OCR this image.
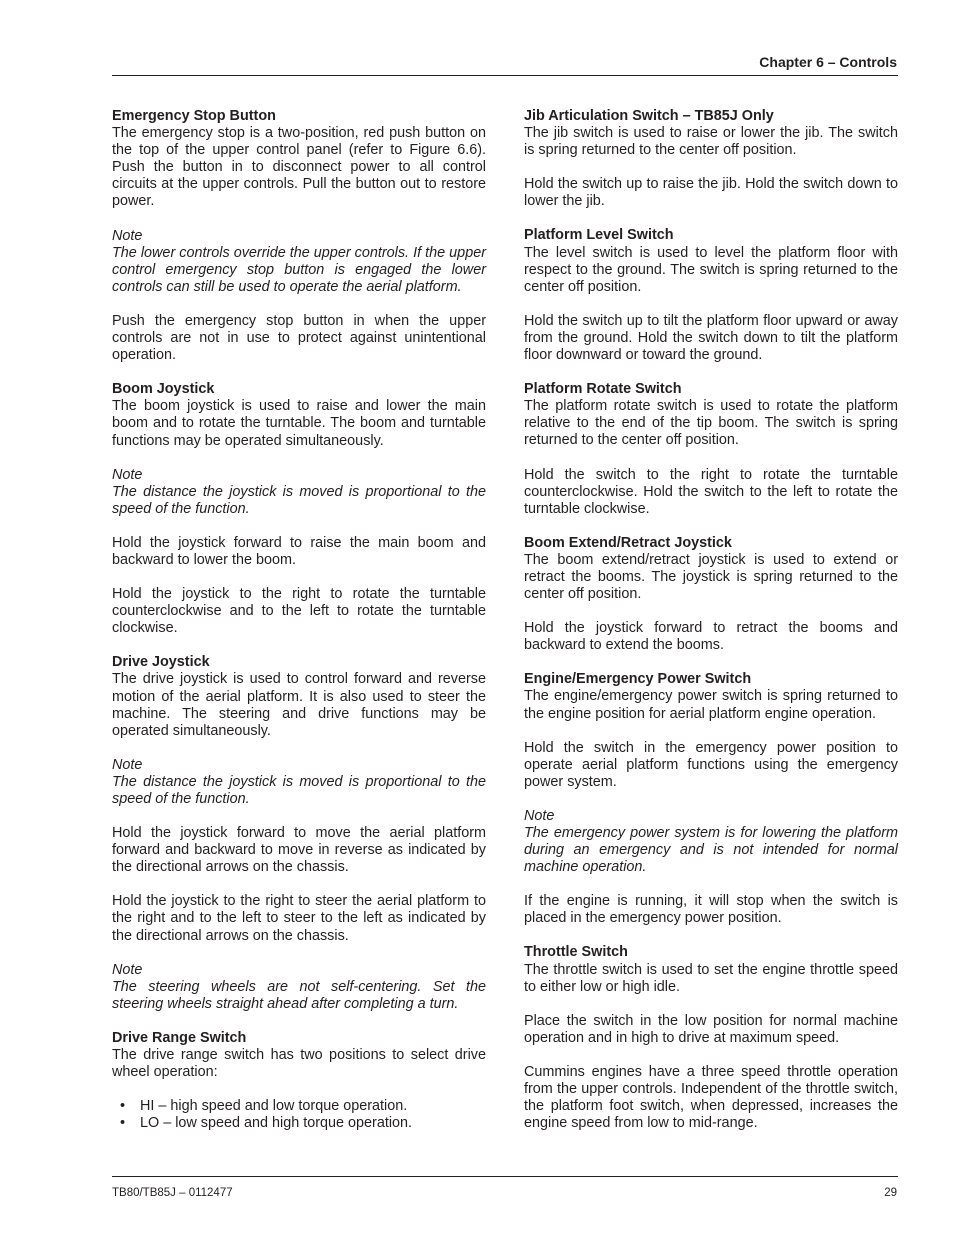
Chapter 6 – Controls
Emergency Stop Button
The emergency stop is a two-position, red push button on the top of the upper control panel (refer to Figure 6.6). Push the button in to disconnect power to all control circuits at the upper controls. Pull the button out to restore power.
Note
The lower controls override the upper controls. If the upper control emergency stop button is engaged the lower controls can still be used to operate the aerial platform.
Push the emergency stop button in when the upper controls are not in use to protect against unintentional operation.
Boom Joystick
The boom joystick is used to raise and lower the main boom and to rotate the turntable. The boom and turntable functions may be operated simultaneously.
Note
The distance the joystick is moved is proportional to the speed of the function.
Hold the joystick forward to raise the main boom and backward to lower the boom.
Hold the joystick to the right to rotate the turntable counterclockwise and to the left to rotate the turntable clockwise.
Drive Joystick
The drive joystick is used to control forward and reverse motion of the aerial platform. It is also used to steer the machine. The steering and drive functions may be operated simultaneously.
Note
The distance the joystick is moved is proportional to the speed of the function.
Hold the joystick forward to move the aerial platform forward and backward to move in reverse as indicated by the directional arrows on the chassis.
Hold the joystick to the right to steer the aerial platform to the right and to the left to steer to the left as indicated by the directional arrows on the chassis.
Note
The steering wheels are not self-centering. Set the steering wheels straight ahead after completing a turn.
Drive Range Switch
The drive range switch has two positions to select drive wheel operation:
• HI – high speed and low torque operation.
• LO – low speed and high torque operation.
Jib Articulation Switch – TB85J Only
The jib switch is used to raise or lower the jib. The switch is spring returned to the center off position.
Hold the switch up to raise the jib. Hold the switch down to lower the jib.
Platform Level Switch
The level switch is used to level the platform floor with respect to the ground. The switch is spring returned to the center off position.
Hold the switch up to tilt the platform floor upward or away from the ground. Hold the switch down to tilt the platform floor downward or toward the ground.
Platform Rotate Switch
The platform rotate switch is used to rotate the platform relative to the end of the tip boom. The switch is spring returned to the center off position.
Hold the switch to the right to rotate the turntable counterclockwise. Hold the switch to the left to rotate the turntable clockwise.
Boom Extend/Retract Joystick
The boom extend/retract joystick is used to extend or retract the booms. The joystick is spring returned to the center off position.
Hold the joystick forward to retract the booms and backward to extend the booms.
Engine/Emergency Power Switch
The engine/emergency power switch is spring returned to the engine position for aerial platform engine operation.
Hold the switch in the emergency power position to operate aerial platform functions using the emergency power system.
Note
The emergency power system is for lowering the platform during an emergency and is not intended for normal machine operation.
If the engine is running, it will stop when the switch is placed in the emergency power position.
Throttle Switch
The throttle switch is used to set the engine throttle speed to either low or high idle.
Place the switch in the low position for normal machine operation and in high to drive at maximum speed.
Cummins engines have a three speed throttle operation from the upper controls. Independent of the throttle switch, the platform foot switch, when depressed, increases the engine speed from low to mid-range.
TB80/TB85J – 0112477	29
